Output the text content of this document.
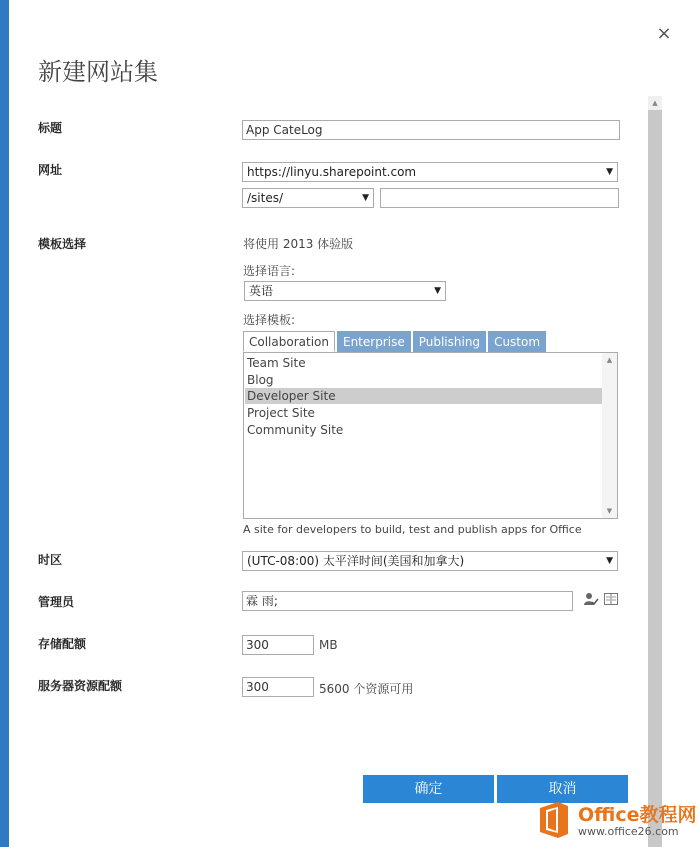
×
新建网站集
标题	App CateLog
网址	https://linyu.sharepoint.com	▼
/sites/	▼
模板选择	将使用 2013 体验版
选择语言:
英语	▼
选择模板:
Collaboration	Enterprise	Publishing	Custom
Team Site
Blog
Developer Site
Project Site
Community Site
▲
▼
A site for developers to build, test and publish apps for Office
时区	(UTC-08:00) 太平洋时间(美国和加拿大)	▼
管理员	霖 雨;
存储配额	300	MB
服务器资源配额	300	5600 个资源可用
确定	取消
▲
Office教程网
www.office26.com
